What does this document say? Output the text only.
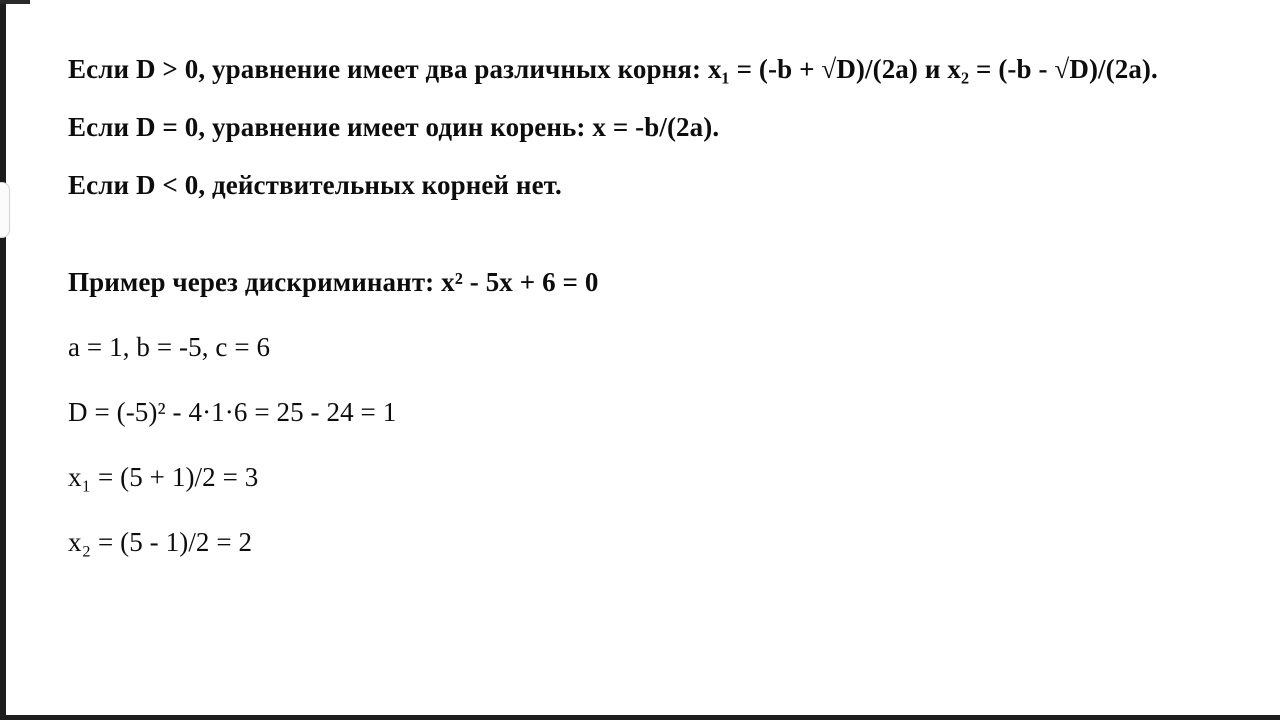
Если D > 0, уравнение имеет два различных корня: x₁ = (-b + √D)/(2a) и x₂ = (-b - √D)/(2a).
Если D = 0, уравнение имеет один корень: x = -b/(2a).
Если D < 0, действительных корней нет.
Пример через дискриминант: x² - 5x + 6 = 0
a = 1, b = -5, c = 6
D = (-5)² - 4·1·6 = 25 - 24 = 1
x₁ = (5 + 1)/2 = 3
x₂ = (5 - 1)/2 = 2
